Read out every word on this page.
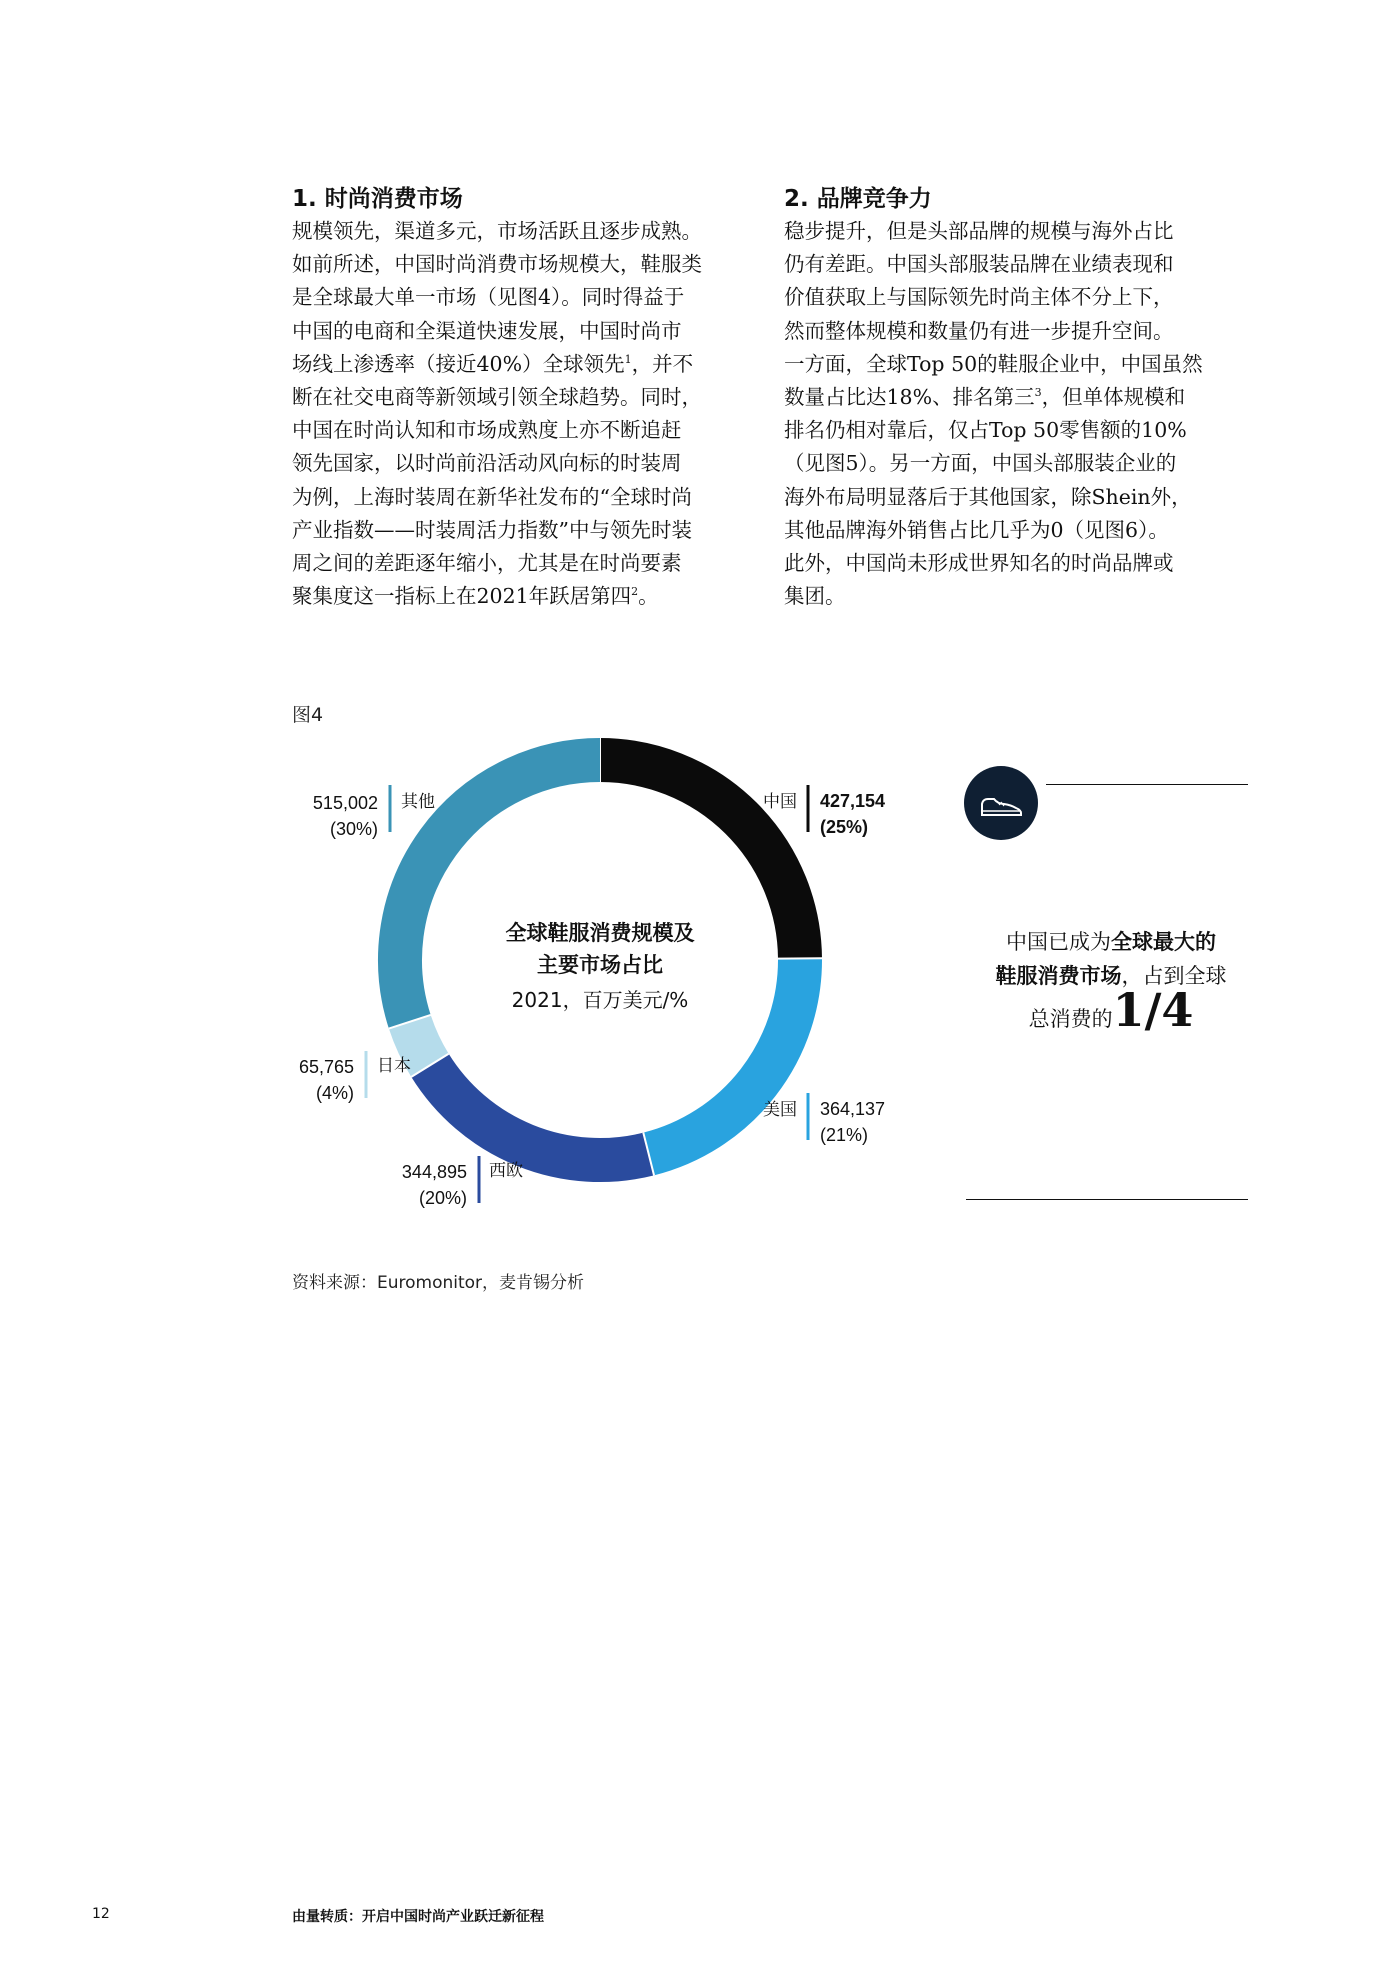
1. 时尚消费市场

规模领先，渠道多元，市场活跃且逐步成熟。
如前所述，中国时尚消费市场规模大，鞋服类
是全球最大单一市场（见图4）。同时得益于
中国的电商和全渠道快速发展，中国时尚市
场线上渗透率（接近40%）全球领先$^1$，并不
断在社交电商等新领域引领全球趋势。同时，
中国在时尚认知和市场成熟度上亦不断追赶
领先国家，以时尚前沿活动风向标的时装周
为例，上海时装周在新华社发布的“全球时尚
产业指数——时装周活力指数”中与领先时装
周之间的差距逐年缩小，尤其是在时尚要素
聚集度这一指标上在2021年跃居第四$^2$。

2. 品牌竞争力

稳步提升，但是头部品牌的规模与海外占比
仍有差距。中国头部服装品牌在业绩表现和
价值获取上与国际领先时尚主体不分上下，
然而整体规模和数量仍有进一步提升空间。
一方面，全球Top 50的鞋服企业中，中国虽然
数量占比达18%、排名第三$^3$，但单体规模和
排名仍相对靠后，仅占Top 50零售额的10%
（见图5）。另一方面，中国头部服装企业的
海外布局明显落后于其他国家，除Shein外，
其他品牌海外销售占比几乎为0（见图6）。
此外，中国尚未形成世界知名的时尚品牌或
集团。

图4
中国 427,154
(25%)
美国 364,137
(21%)
西欧
344,895
(20%)
日本
65,765
(4%)
其他
515,002
(30%)
全球鞋服消费规模及
主要市场占比
2021，百万美元/%
资料来源：Euromonitor，麦肯锡分析
中国已成为全球最大的
鞋服消费市场，占到全球
总消费的1/4
12	由量转质：开启中国时尚产业跃迁新征程
